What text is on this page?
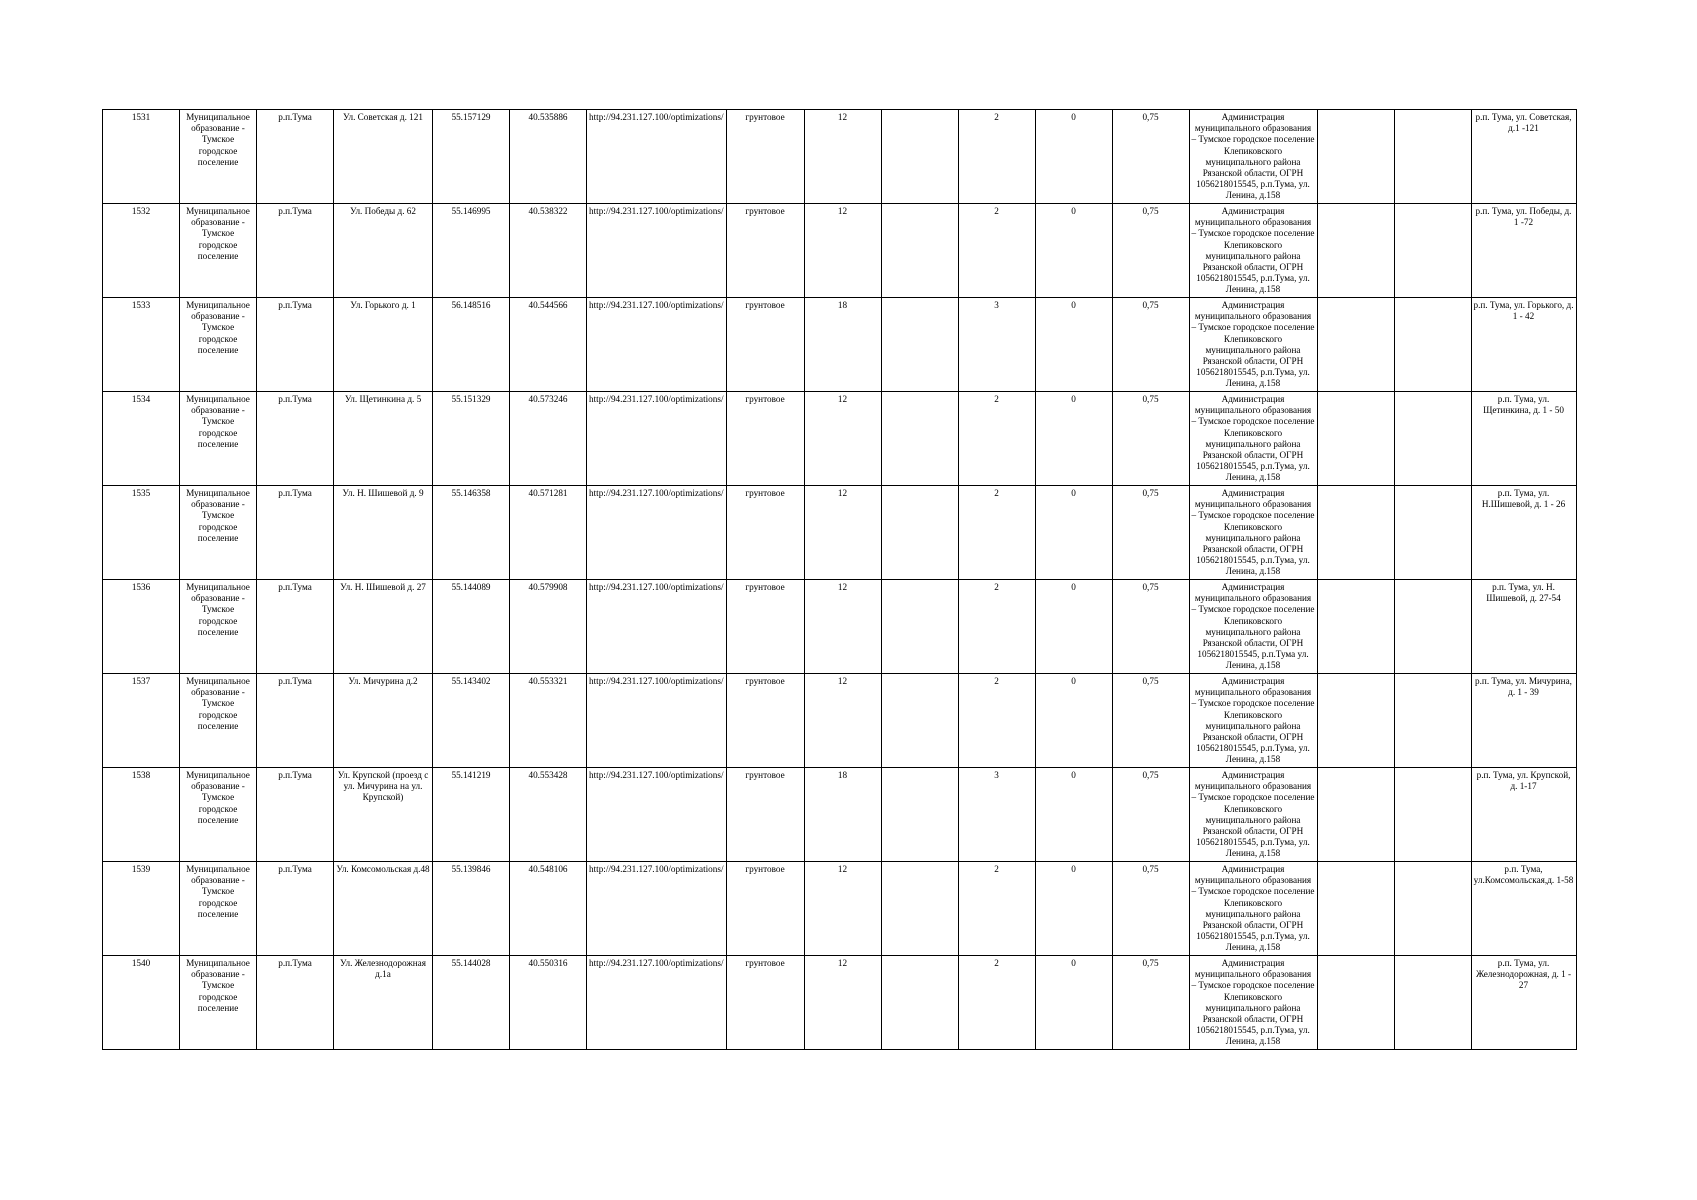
1531	Муниципальное образование - Тумское городское поселение	р.п.Тума	Ул. Советская д. 121	55.157129	40.535886	http://94.231.127.100/optimizations/	грунтовое	12		2	0	0,75	Администрация муниципального образования – Тумское городское поселение Клепиковского муниципального района Рязанской области, ОГРН 1056218015545, р.п.Тума, ул. Ленина, д.158			р.п. Тума, ул. Советская, д.1 -121
1532	Муниципальное образование - Тумское городское поселение	р.п.Тума	Ул. Победы д. 62	55.146995	40.538322	http://94.231.127.100/optimizations/	грунтовое	12		2	0	0,75	Администрация муниципального образования – Тумское городское поселение Клепиковского муниципального района Рязанской области, ОГРН 1056218015545, р.п.Тума, ул. Ленина, д.158			р.п. Тума, ул. Победы, д. 1 -72
1533	Муниципальное образование - Тумское городское поселение	р.п.Тума	Ул. Горького д. 1	56.148516	40.544566	http://94.231.127.100/optimizations/	грунтовое	18		3	0	0,75	Администрация муниципального образования – Тумское городское поселение Клепиковского муниципального района Рязанской области, ОГРН 1056218015545, р.п.Тума, ул. Ленина, д.158			р.п. Тума, ул. Горького, д. 1 - 42
1534	Муниципальное образование - Тумское городское поселение	р.п.Тума	Ул. Щетинкина д. 5	55.151329	40.573246	http://94.231.127.100/optimizations/	грунтовое	12		2	0	0,75	Администрация муниципального образования – Тумское городское поселение Клепиковского муниципального района Рязанской области, ОГРН 1056218015545, р.п.Тума, ул. Ленина, д.158			р.п. Тума, ул. Щетинкина, д. 1 - 50
1535	Муниципальное образование - Тумское городское поселение	р.п.Тума	Ул. Н. Шишевой д. 9	55.146358	40.571281	http://94.231.127.100/optimizations/	грунтовое	12		2	0	0,75	Администрация муниципального образования – Тумское городское поселение Клепиковского муниципального района Рязанской области, ОГРН 1056218015545, р.п.Тума, ул. Ленина, д.158			р.п. Тума, ул. Н.Шишевой, д. 1 - 26
1536	Муниципальное образование - Тумское городское поселение	р.п.Тума	Ул. Н. Шишевой д. 27	55.144089	40.579908	http://94.231.127.100/optimizations/	грунтовое	12		2	0	0,75	Администрация муниципального образования – Тумское городское поселение Клепиковского муниципального района Рязанской области, ОГРН 1056218015545, р.п.Тума ул. Ленина, д.158			р.п. Тума, ул. Н. Шишевой, д. 27-54
1537	Муниципальное образование - Тумское городское поселение	р.п.Тума	Ул. Мичурина д.2	55.143402	40.553321	http://94.231.127.100/optimizations/	грунтовое	12		2	0	0,75	Администрация муниципального образования – Тумское городское поселение Клепиковского муниципального района Рязанской области, ОГРН 1056218015545, р.п.Тума, ул. Ленина, д.158			р.п. Тума, ул. Мичурина, д. 1 - 39
1538	Муниципальное образование - Тумское городское поселение	р.п.Тума	Ул. Крупской (проезд с ул. Мичурина на ул. Крупской)	55.141219	40.553428	http://94.231.127.100/optimizations/	грунтовое	18		3	0	0,75	Администрация муниципального образования – Тумское городское поселение Клепиковского муниципального района Рязанской области, ОГРН 1056218015545, р.п.Тума, ул. Ленина, д.158			р.п. Тума, ул. Крупской, д. 1-17
1539	Муниципальное образование - Тумское городское поселение	р.п.Тума	Ул. Комсомольская д.48	55.139846	40.548106	http://94.231.127.100/optimizations/	грунтовое	12		2	0	0,75	Администрация муниципального образования – Тумское городское поселение Клепиковского муниципального района Рязанской области, ОГРН 1056218015545, р.п.Тума, ул. Ленина, д.158			р.п. Тума, ул.Комсомольская,д. 1-58
1540	Муниципальное образование - Тумское городское поселение	р.п.Тума	Ул. Железнодорожная д.1а	55.144028	40.550316	http://94.231.127.100/optimizations/	грунтовое	12		2	0	0,75	Администрация муниципального образования – Тумское городское поселение Клепиковского муниципального района Рязанской области, ОГРН 1056218015545, р.п.Тума, ул. Ленина, д.158			р.п. Тума, ул. Железнодорожная, д. 1 - 27
